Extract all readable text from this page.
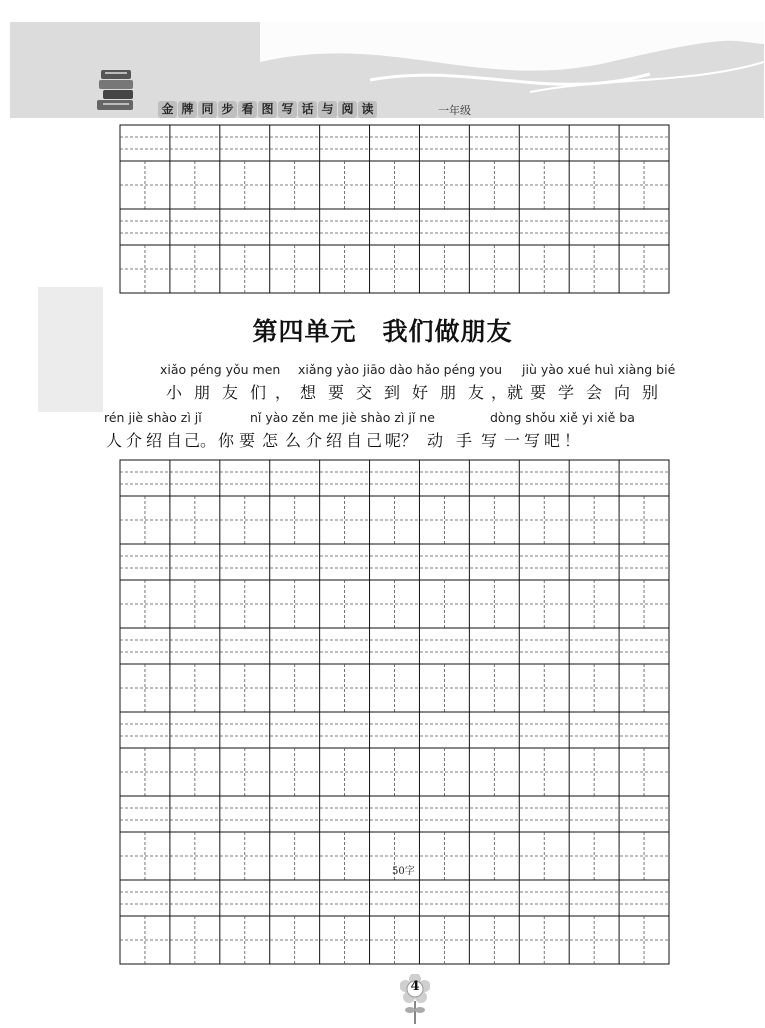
金 牌 同 步 看 图 写 话 与 阅 读	一年级
第四单元 我们做朋友
xiǎo péng yǒu men xiǎng yào jiāo dào hǎo péng you jiù yào xué huì xiàng bié
小 朋 友 们 ， 想 要 交 到 好 朋 友 ，就 要 学 会 向 别
rén jiè shào zì jǐ	nǐ yào zěn me jiè shào zì jǐ ne	dòng shǒu xiě yi xiě ba
人 介 绍 自 己。 你 要 怎 么 介 绍 自 己 呢？ 动 手 写 一 写 吧 ！
50字
4
